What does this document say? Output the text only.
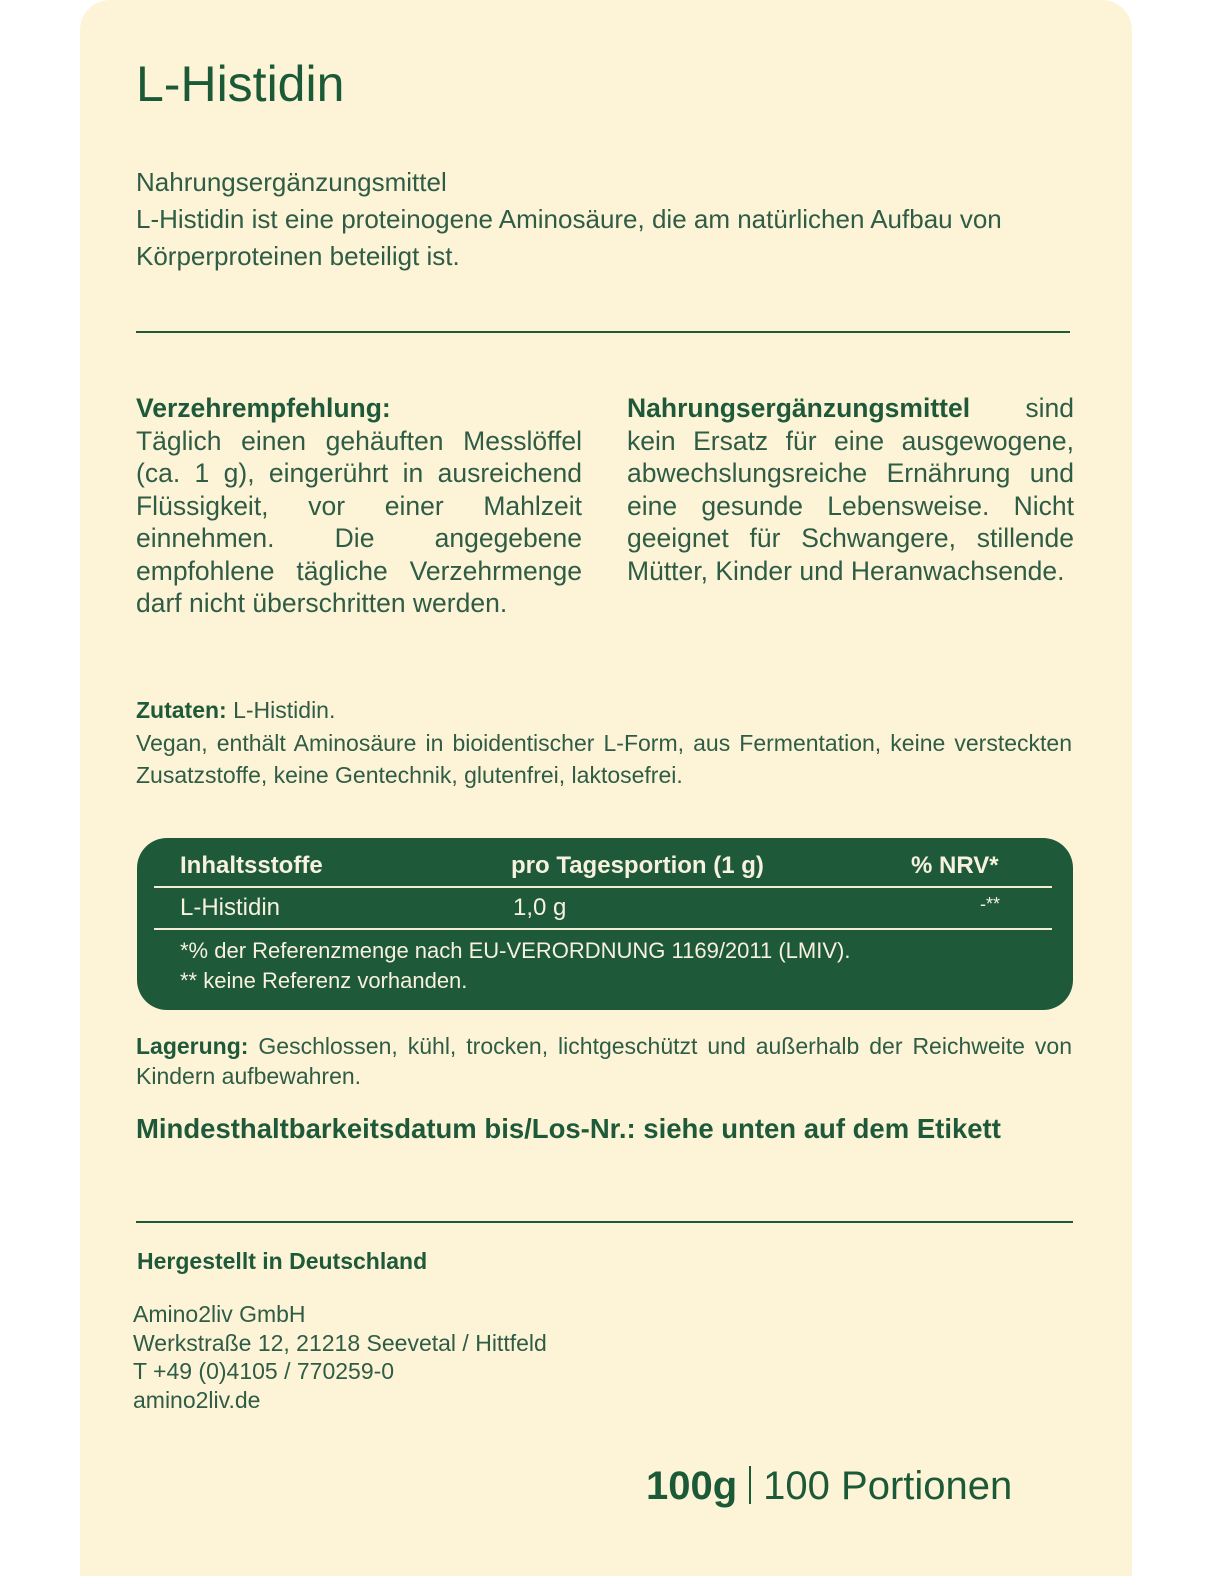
L-Histidin
Nahrungsergänzungsmittel
L-Histidin ist eine proteinogene Aminosäure, die am natürlichen Aufbau von Körperproteinen beteiligt ist.
Verzehrempfehlung:
Täglich einen gehäuften Messlöffel (ca. 1 g), eingerührt in ausreichend Flüssigkeit, vor einer Mahlzeit einnehmen. Die angegebene empfohlene tägliche Verzehrmenge darf nicht überschritten werden.
Nahrungsergänzungsmittel sind kein Ersatz für eine ausgewogene, abwechslungsreiche Ernährung und eine gesunde Lebensweise. Nicht geeignet für Schwangere, stillende Mütter, Kinder und Heranwachsende.
Zutaten: L-Histidin.
Vegan, enthält Aminosäure in bioidentischer L-Form, aus Fermentation, keine versteckten Zusatzstoffe, keine Gentechnik, glutenfrei, laktosefrei.
Inhaltsstoffe	pro Tagesportion (1 g)	% NRV*
L-Histidin	1,0 g	-**
*% der Referenzmenge nach EU-VERORDNUNG 1169/2011 (LMIV).
** keine Referenz vorhanden.
Lagerung: Geschlossen, kühl, trocken, lichtgeschützt und außerhalb der Reichweite von Kindern aufbewahren.
Mindesthaltbarkeitsdatum bis/Los-Nr.: siehe unten auf dem Etikett
Hergestellt in Deutschland
Amino2liv GmbH
Werkstraße 12, 21218 Seevetal / Hittfeld
T +49 (0)4105 / 770259-0
amino2liv.de
100g 100 Portionen
